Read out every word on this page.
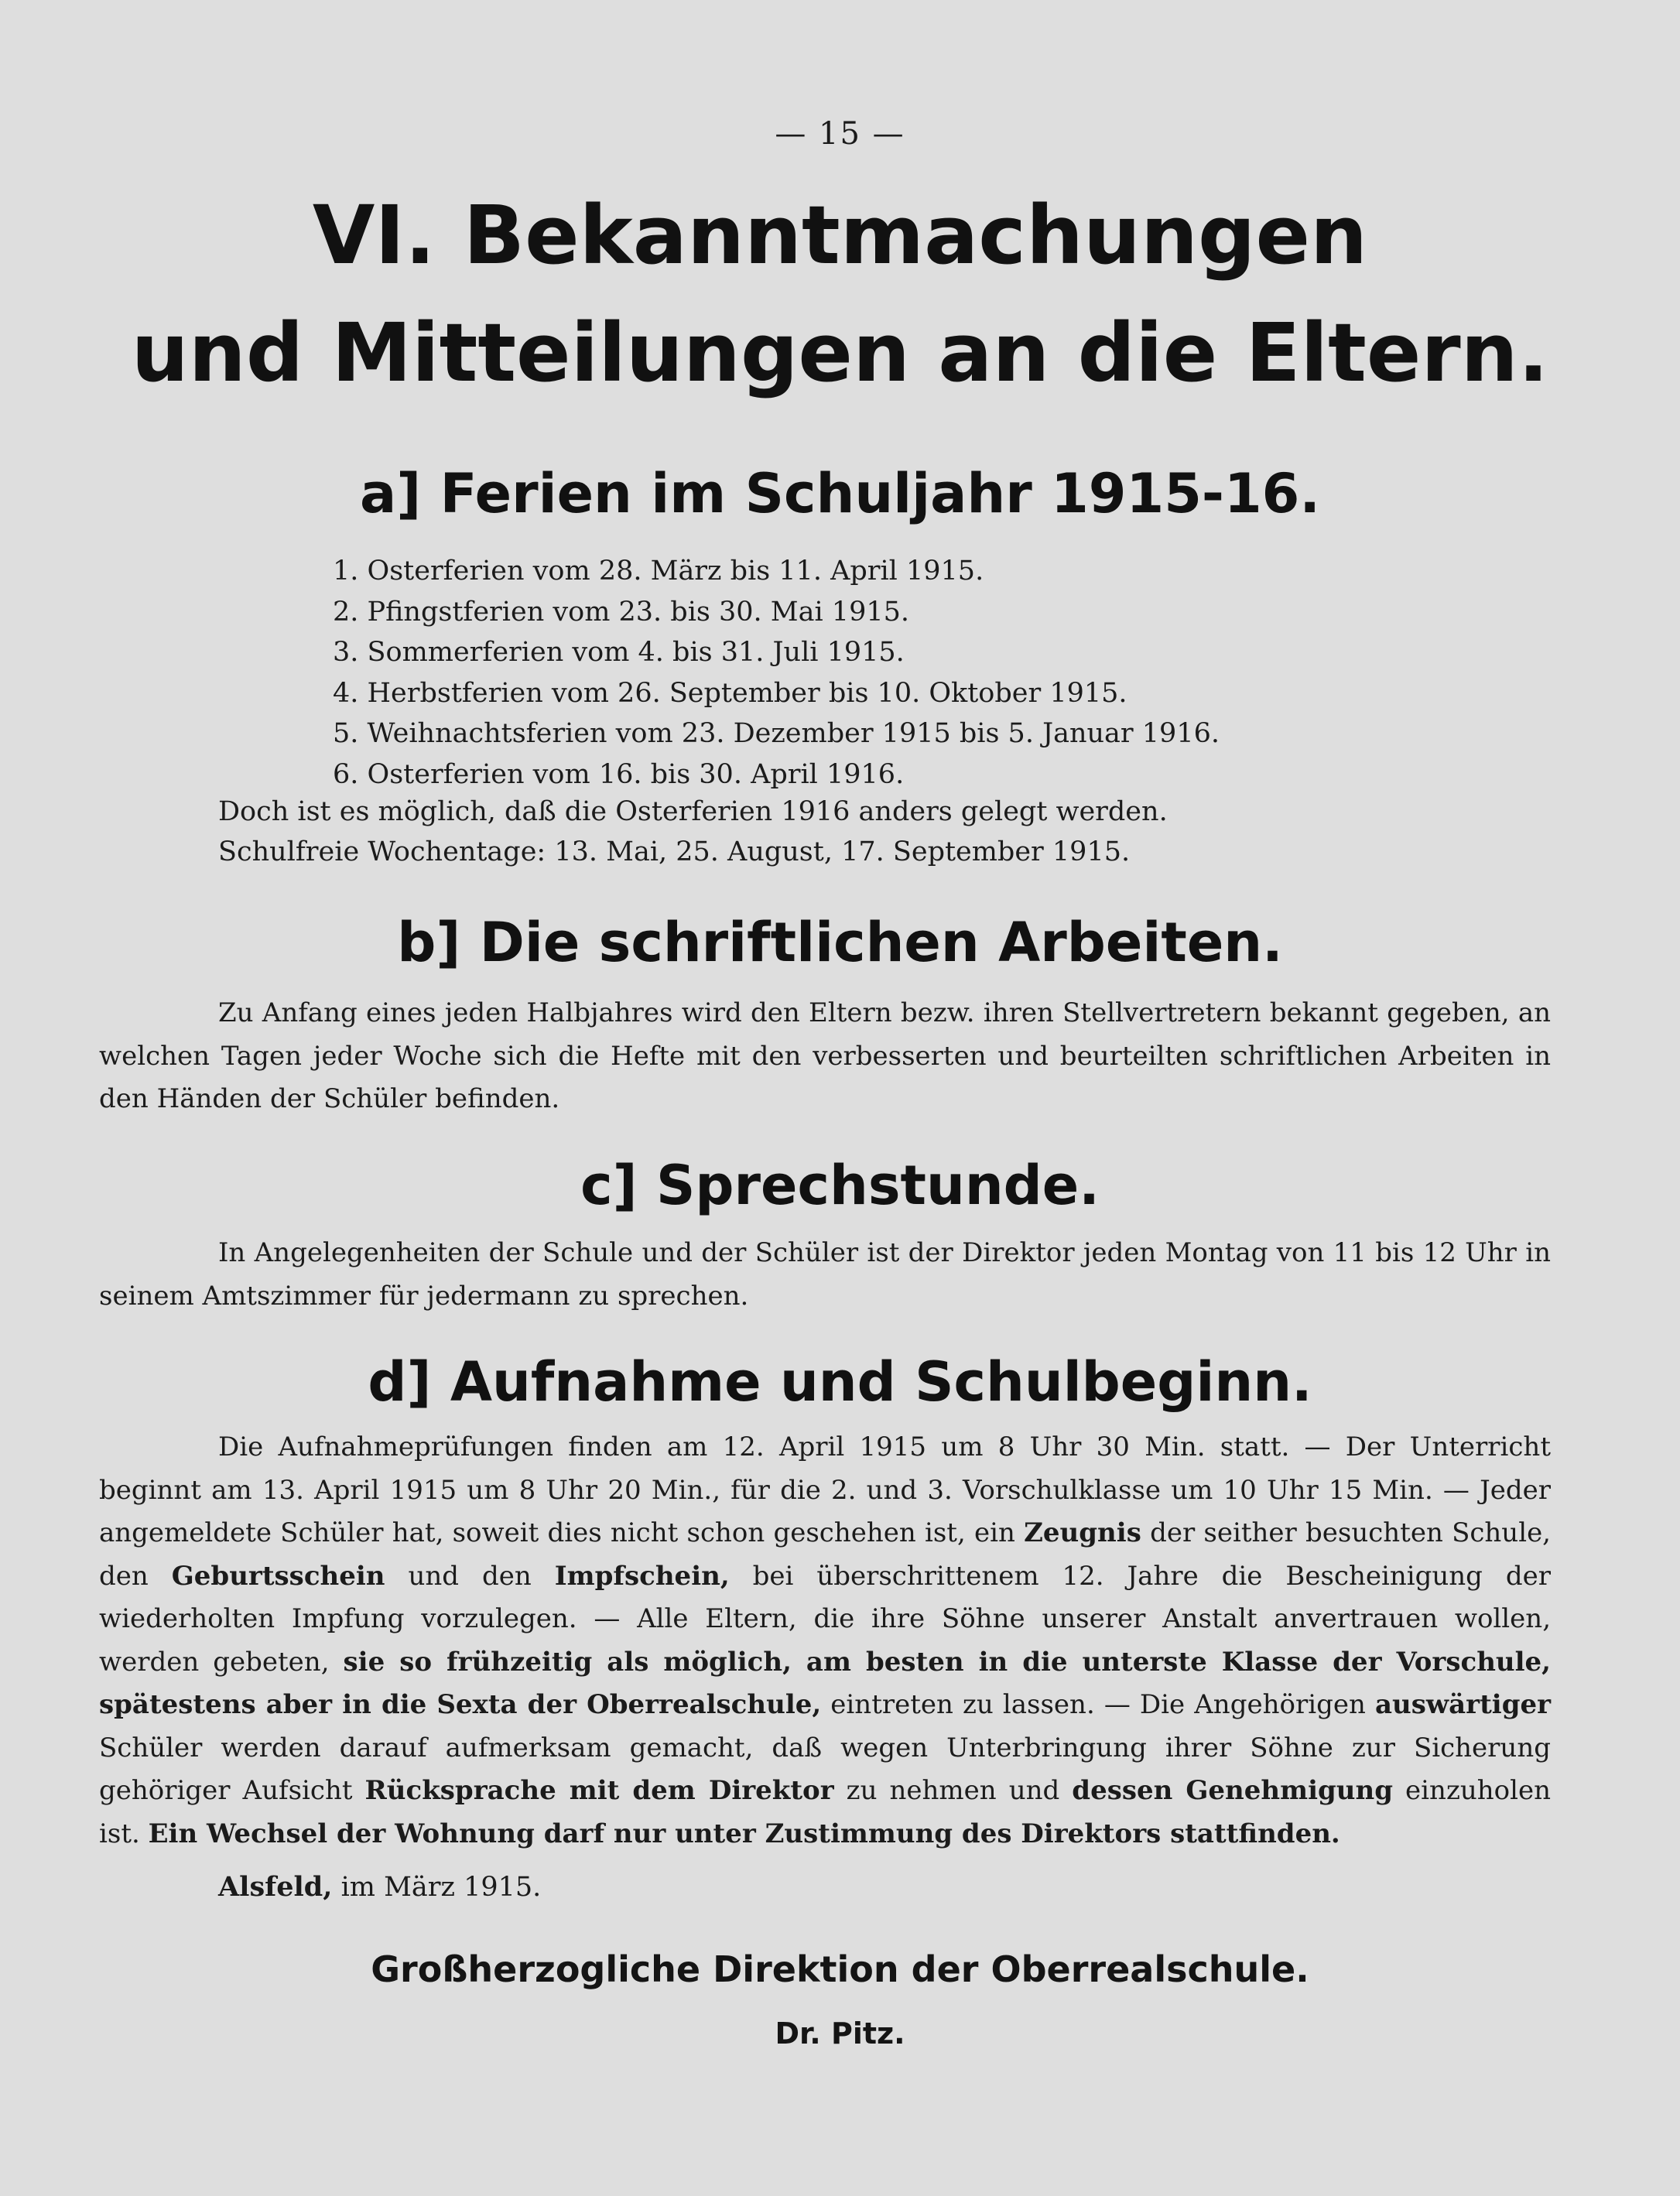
— 15 —
VI. Bekanntmachungen
und Mitteilungen an die Eltern.
a] Ferien im Schuljahr 1915-16.
1. Osterferien vom 28. März bis 11. April 1915.
2. Pfingstferien vom 23. bis 30. Mai 1915.
3. Sommerferien vom 4. bis 31. Juli 1915.
4. Herbstferien vom 26. September bis 10. Oktober 1915.
5. Weihnachtsferien vom 23. Dezember 1915 bis 5. Januar 1916.
6. Osterferien vom 16. bis 30. April 1916.
Doch ist es möglich, daß die Osterferien 1916 anders gelegt werden.
Schulfreie Wochentage: 13. Mai, 25. August, 17. September 1915.
b] Die schriftlichen Arbeiten.

Zu Anfang eines jeden Halbjahres wird den Eltern bezw. ihren Stellvertretern bekannt gegeben, an welchen Tagen jeder Woche sich die Hefte mit den verbesserten und beurteilten schriftlichen Arbeiten in den Händen der Schüler befinden.

c] Sprechstunde.

In Angelegenheiten der Schule und der Schüler ist der Direktor jeden Montag von 11 bis 12 Uhr in seinem Amtszimmer für jedermann zu sprechen.

d] Aufnahme und Schulbeginn.

Die Aufnahmeprüfungen finden am 12. April 1915 um 8 Uhr 30 Min. statt. — Der Unterricht beginnt am 13. April 1915 um 8 Uhr 20 Min., für die 2. und 3. Vorschulklasse um 10 Uhr 15 Min. — Jeder angemeldete Schüler hat, soweit dies nicht schon geschehen ist, ein Zeugnis der seither besuchten Schule, den Geburtsschein und den Impfschein, bei überschrittenem 12. Jahre die Bescheinigung der wiederholten Impfung vorzulegen. — Alle Eltern, die ihre Söhne unserer Anstalt anvertrauen wollen, werden gebeten, sie so frühzeitig als möglich, am besten in die unterste Klasse der Vorschule, spätestens aber in die Sexta der Oberrealschule, eintreten zu lassen. — Die Angehörigen auswärtiger Schüler werden darauf aufmerksam gemacht, daß wegen Unterbringung ihrer Söhne zur Sicherung gehöriger Aufsicht Rücksprache mit dem Direktor zu nehmen und dessen Genehmigung einzuholen ist. Ein Wechsel der Wohnung darf nur unter Zustimmung des Direktors stattfinden.

Alsfeld, im März 1915.
Großherzogliche Direktion der Oberrealschule.
Dr. Pitz.
